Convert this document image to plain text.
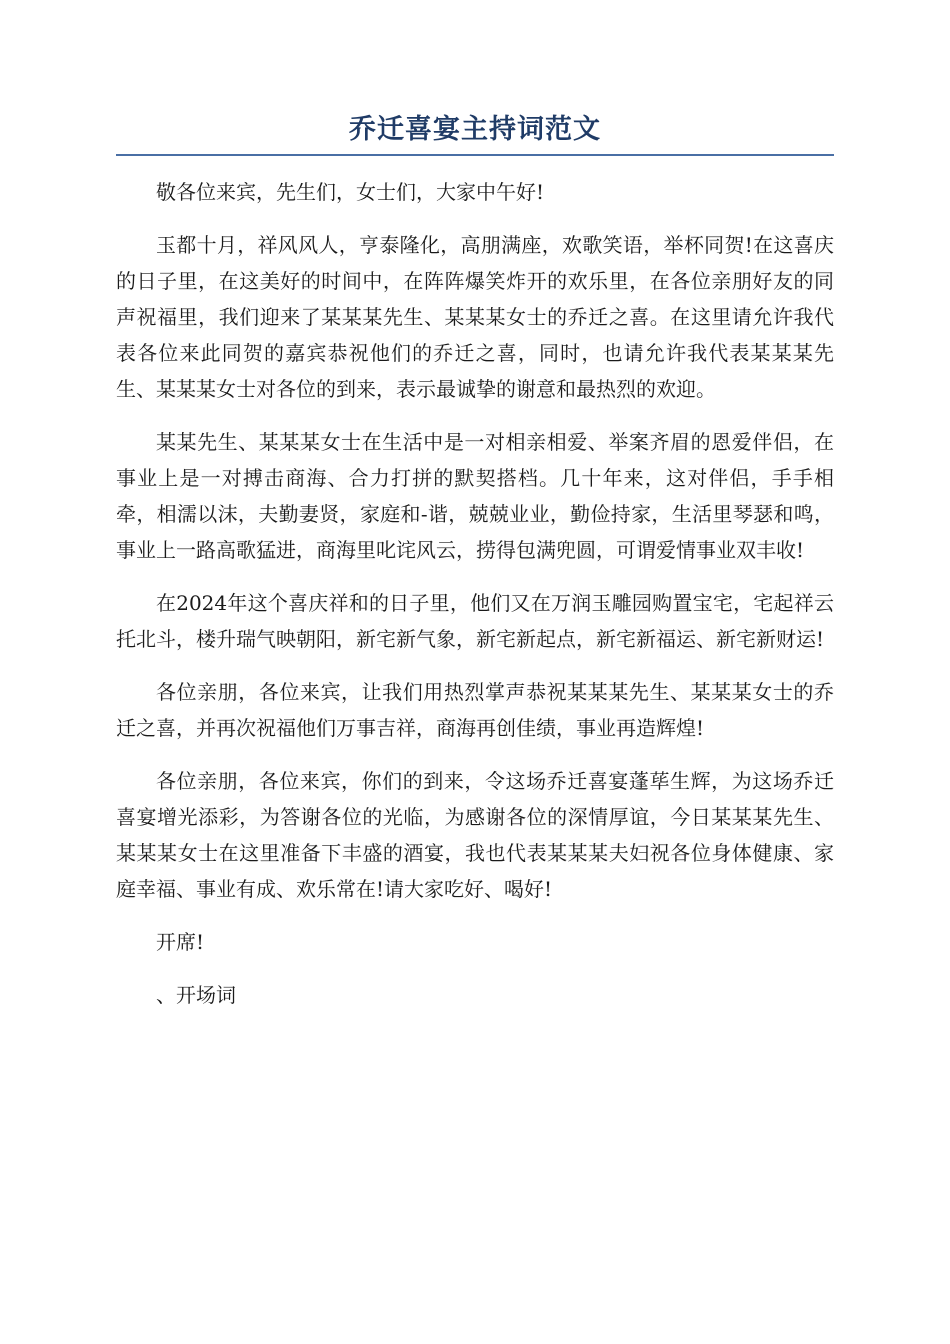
乔迁喜宴主持词范文

敬各位来宾，先生们，女士们，大家中午好!

玉都十月，祥风风人，亨泰隆化，高朋满座，欢歌笑语，举杯同贺!在这喜庆的日子里，在这美好的时间中，在阵阵爆笑炸开的欢乐里，在各位亲朋好友的同声祝福里，我们迎来了某某某先生、某某某女士的乔迁之喜。在这里请允许我代表各位来此同贺的嘉宾恭祝他们的乔迁之喜，同时，也请允许我代表某某某先生、某某某女士对各位的到来，表示最诚挚的谢意和最热烈的欢迎。

某某先生、某某某女士在生活中是一对相亲相爱、举案齐眉的恩爱伴侣，在事业上是一对搏击商海、合力打拼的默契搭档。几十年来，这对伴侣，手手相牵，相濡以沫，夫勤妻贤，家庭和-谐，兢兢业业，勤俭持家，生活里琴瑟和鸣，事业上一路高歌猛进，商海里叱诧风云，捞得包满兜圆，可谓爱情事业双丰收!

在2024年这个喜庆祥和的日子里，他们又在万润玉雕园购置宝宅，宅起祥云托北斗，楼升瑞气映朝阳，新宅新气象，新宅新起点，新宅新福运、新宅新财运!

各位亲朋，各位来宾，让我们用热烈掌声恭祝某某某先生、某某某女士的乔迁之喜，并再次祝福他们万事吉祥，商海再创佳绩，事业再造辉煌!

各位亲朋，各位来宾，你们的到来，令这场乔迁喜宴蓬荜生辉，为这场乔迁喜宴增光添彩，为答谢各位的光临，为感谢各位的深情厚谊，今日某某某先生、某某某女士在这里准备下丰盛的酒宴，我也代表某某某夫妇祝各位身体健康、家庭幸福、事业有成、欢乐常在!请大家吃好、喝好!

开席!

、开场词
